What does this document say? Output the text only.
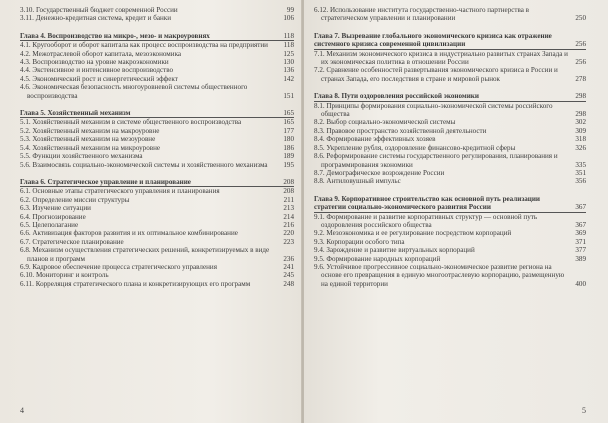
3.10. Государственный бюджет современной России	99
3.11. Денежно-кредитная система, кредит и банки	106
Глава 4. Воспроизводство на микро-, мезо- и макроуровнях	118
4.1. Кругооборот и оборот капитала как процесс воспроизводства на предприятии	118
4.2. Межотраслевой оборот капитала, мезоэкономика	125
4.3. Воспроизводство на уровне макроэкономики	130
4.4. Экстенсивное и интенсивное воспроизводство	136
4.5. Экономический рост и синергетический эффект	142
4.6. Экономическая безопасность многоуровневой системы общественного воспроизводства	151
Глава 5. Хозяйственный механизм	165
5.1. Хозяйственный механизм в системе общественного воспроизводства	165
5.2. Хозяйственный механизм на макроуровне	177
5.3. Хозяйственный механизм на мезоуровне	180
5.4. Хозяйственный механизм на микроуровне	186
5.5. Функции хозяйственного механизма	189
5.6. Взаимосвязь социально-экономической системы и хозяйственного механизма	195
Глава 6. Стратегическое управление и планирование	208
6.1. Основные этапы стратегического управления и планирования	208
6.2. Определение миссии структуры	211
6.3. Изучение ситуации	213
6.4. Прогнозирование	214
6.5. Целеполагание	216
6.6. Активизация факторов развития и их оптимальное комбинирование	220
6.7. Стратегическое планирование	223
6.8. Механизм осуществления стратегических решений, конкретизируемых в виде планов и программ	236
6.9. Кадровое обеспечение процесса стратегического управления	241
6.10. Мониторинг и контроль	245
6.11. Корреляция стратегического плана и конкретизирующих его программ	248
4
6.12. Использование института государственно-частного партнерства в стратегическом управлении и планировании	250
Глава 7. Вызревание глобального экономического кризиса как отражение системного кризиса современной цивилизации	256
7.1. Механизм экономического кризиса в индустриально развитых странах Запада и их экономическая политика в отношении России	256
7.2. Сравнение особенностей развертывания экономического кризиса в России и странах Запада, его последствия в стране и мировой рынок	278
Глава 8. Пути оздоровления российской экономики	298
8.1. Принципы формирования социально-экономической системы российского общества	298
8.2. Выбор социально-экономической системы	302
8.3. Правовое пространство хозяйственной деятельности	309
8.4. Формирование эффективных хозяев	318
8.5. Укрепление рубля, оздоровление финансово-кредитной сферы	326
8.6. Реформирование системы государственного регулирования, планирования и программирования экономики	335
8.7. Демографическое возрождение России	351
8.8. Антиловушный импульс	356
Глава 9. Корпоративное строительство как основной путь реализации стратегии социально-экономического развития России	367
9.1. Формирование и развитие корпоративных структур — основной путь оздоровления российского общества	367
9.2. Мезоэкономика и ее регулирование посредством корпораций	369
9.3. Корпорации особого типа	371
9.4. Зарождение и развитие виртуальных корпораций	377
9.5. Формирование народных корпораций	389
9.6. Устойчивое прогрессивное социально-экономическое развитие региона на основе его превращения в единую многоотраслевую корпорацию, размещенную на единой территории	400
5
